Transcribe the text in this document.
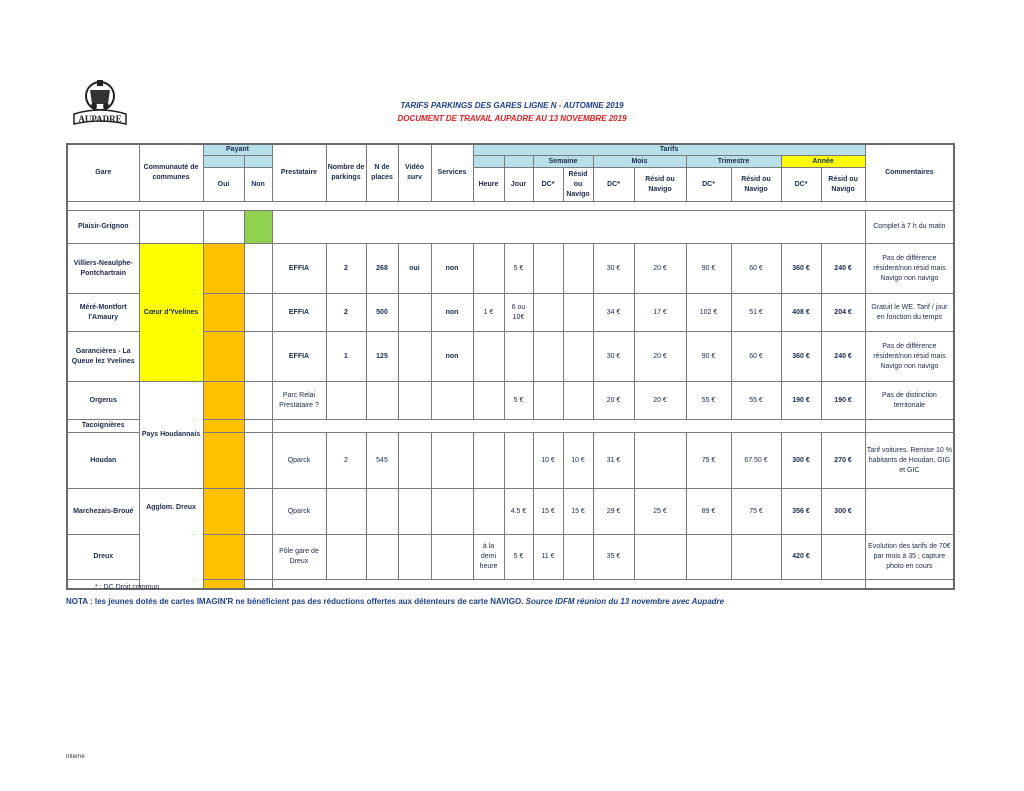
AUPADRE
TARIFS PARKINGS DES GARES LIGNE N - AUTOMNE 2019
DOCUMENT DE TRAVAIL AUPADRE AU 13 NOVEMBRE 2019
Gare	Communauté de communes	Payant		Prestataire	Nombre de parkings	N de places	Vidéo surv	Services	Tarifs										Commentaires
											Semaine		Mois		Trimestre		Année		
		Oui	Non						Heure	Jour	DC*	Résid ou Navigo	DC*	Résid ou Navigo	DC*	Résid ou Navigo	DC*	Résid ou Navigo	

Plaisir-Grignon																			Complet à 7 h du matin
Villiers-Neaulphe-Pontchartrain	Cœur d'Yvelines			EFFIA	2	268	oui	non		5 €			30 €	20 €	90 €	60 €	360 €	240 €	Pas de différence résident/non résid mais Navigo non navigo
Méré-Montfort l'Amaury				EFFIA	2	500		non	1 €	6 ou 10€			34 €	17 €	102 €	51 €	408 €	204 €	Gratuit le WE. Tarif / jour en fonction du temps
Garancières - La Queue lez Yvelines				EFFIA	1	125		non					30 €	20 €	90 €	60 €	360 €	240 €	Pas de différence résident/non résid mais Navigo non navigo
Orgerus	Pays Houdannais			Parc Relai Prestataire ?						5 €			20 €	20 €	55 €	55 €	190 €	190 €	Pas de distinction territoriale
Tacoignières																			
Houdan				Qparck	2	545					10 €	10 €	31 €		75 €	67.50 €	300 €	270 €	Tarif voitures. Remise 10 % habitants de Houdan, GIG et GIC
Marchezais-Broué	Agglom. Dreux			Qparck						4.5 €	15 €	15 €	29 €	25 €	89 €	75 €	356 €	300 €	
Dreux				Pôle gare de Dreux					à la demi heure	5 €	11 €		35 €				420 €		Evolution des tarifs de 70€ par mois à 35 ; capture photo en cours

* : DC Droit commun
NOTA : les jeunes dotés de cartes IMAGIN'R ne bénéficient pas des réductions offertes aux détenteurs de carte NAVIGO. Source IDFM réunion du 13 novembre avec Aupadre
Interne
